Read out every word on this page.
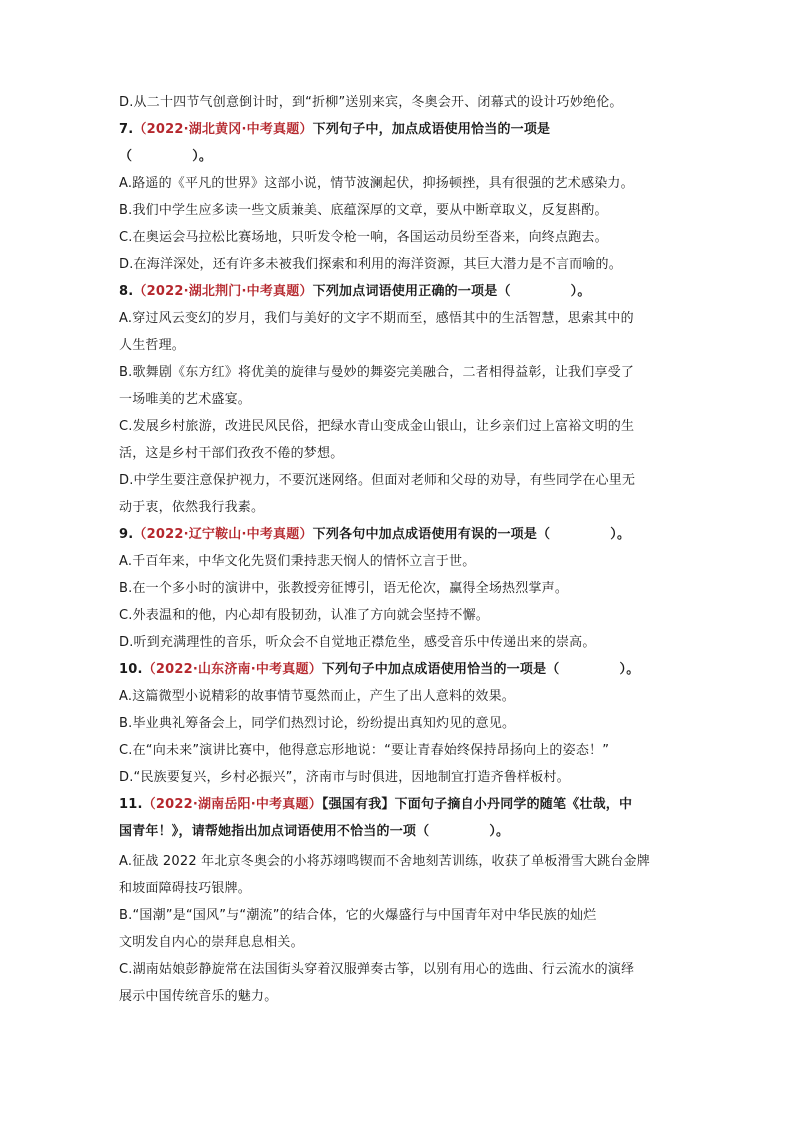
D.从二十四节气创意倒计时，到“折柳”送别来宾，冬奥会开、闭幕式的设计巧妙绝伦。
7.（2022·湖北黄冈·中考真题）下列句子中，加点成语使用恰当的一项是
（	）。
A.路遥的《平凡的世界》这部小说，情节波澜起伏，抑扬顿挫，具有很强的艺术感染力。
B.我们中学生应多读一些文质兼美、底蕴深厚的文章，要从中断章取义，反复斟酌。
C.在奥运会马拉松比赛场地，只听发令枪一响，各国运动员纷至沓来，向终点跑去。
D.在海洋深处，还有许多未被我们探索和利用的海洋资源，其巨大潜力是不言而喻的。
8.（2022·湖北荆门·中考真题）下列加点词语使用正确的一项是（	）。
A.穿过风云变幻的岁月，我们与美好的文字不期而至，感悟其中的生活智慧，思索其中的
人生哲理。
B.歌舞剧《东方红》将优美的旋律与曼妙的舞姿完美融合，二者相得益彰，让我们享受了
一场唯美的艺术盛宴。
C.发展乡村旅游，改进民风民俗，把绿水青山变成金山银山，让乡亲们过上富裕文明的生
活，这是乡村干部们孜孜不倦的梦想。
D.中学生要注意保护视力，不要沉迷网络。但面对老师和父母的劝导，有些同学在心里无
动于衷，依然我行我素。
9.（2022·辽宁鞍山·中考真题）下列各句中加点成语使用有误的一项是（	）。
A.千百年来，中华文化先贤们秉持悲天悯人的情怀立言于世。
B.在一个多小时的演讲中，张教授旁征博引，语无伦次，赢得全场热烈掌声。
C.外表温和的他，内心却有股韧劲，认准了方向就会坚持不懈。
D.听到充满理性的音乐，听众会不自觉地正襟危坐，感受音乐中传递出来的崇高。
10.（2022·山东济南·中考真题）下列句子中加点成语使用恰当的一项是（	）。
A.这篇微型小说精彩的故事情节戛然而止，产生了出人意料的效果。
B.毕业典礼筹备会上，同学们热烈讨论，纷纷提出真知灼见的意见。
C.在“向未来”演讲比赛中，他得意忘形地说：“要让青春始终保持昂扬向上的姿态！”
D.“民族要复兴，乡村必振兴”，济南市与时俱进，因地制宜打造齐鲁样板村。
11.（2022·湖南岳阳·中考真题）【强国有我】下面句子摘自小丹同学的随笔《壮哉，中
国青年！》，请帮她指出加点词语使用不恰当的一项（	）。
A.征战 2022 年北京冬奥会的小将苏翊鸣锲而不舍地刻苦训练，收获了单板滑雪大跳台金牌
和坡面障碍技巧银牌。
B.“国潮”是“国风”与“潮流”的结合体，它的火爆盛行与中国青年对中华民族的灿烂
文明发自内心的崇拜息息相关。
C.湖南姑娘彭静旋常在法国街头穿着汉服弹奏古筝，以别有用心的选曲、行云流水的演绎
展示中国传统音乐的魅力。
